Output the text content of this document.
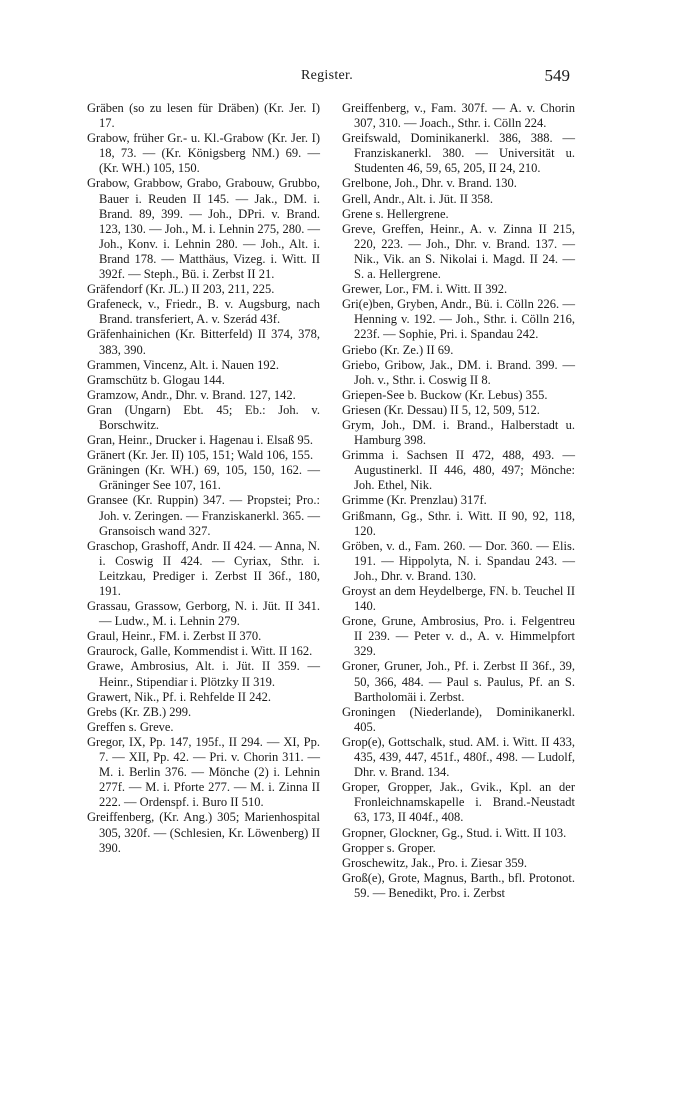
Register.	549

Gräben (so zu lesen für Dräben) (Kr. Jer. I) 17.

Grabow, früher Gr.- u. Kl.-Grabow (Kr. Jer. I) 18, 73. — (Kr. Königsberg NM.) 69. — (Kr. WH.) 105, 150.

Grabow, Grabbow, Grabo, Grabouw, Grubbo, Bauer i. Reuden II 145. — Jak., DM. i. Brand. 89, 399. — Joh., DPri. v. Brand. 123, 130. — Joh., M. i. Lehnin 275, 280. — Joh., Konv. i. Lehnin 280. — Joh., Alt. i. Brand 178. — Matthäus, Vizeg. i. Witt. II 392f. — Steph., Bü. i. Zerbst II 21.

Gräfendorf (Kr. JL.) II 203, 211, 225.

Grafeneck, v., Friedr., B. v. Augsburg, nach Brand. transferiert, A. v. Szerád 43f.

Gräfenhainichen (Kr. Bitterfeld) II 374, 378, 383, 390.

Grammen, Vincenz, Alt. i. Nauen 192.

Gramschütz b. Glogau 144.

Gramzow, Andr., Dhr. v. Brand. 127, 142.

Gran (Ungarn) Ebt. 45; Eb.: Joh. v. Borschwitz.

Gran, Heinr., Drucker i. Hagenau i. Elsaß 95.

Gränert (Kr. Jer. II) 105, 151; Wald 106, 155.

Gräningen (Kr. WH.) 69, 105, 150, 162. — Gräninger See 107, 161.

Gransee (Kr. Ruppin) 347. — Propstei; Pro.: Joh. v. Zeringen. — Franziskanerkl. 365. — Gransoisch wand 327.

Graschop, Grashoff, Andr. II 424. — Anna, N. i. Coswig II 424. — Cyriax, Sthr. i. Leitzkau, Prediger i. Zerbst II 36f., 180, 191.

Grassau, Grassow, Gerborg, N. i. Jüt. II 341. — Ludw., M. i. Lehnin 279.

Graul, Heinr., FM. i. Zerbst II 370.

Graurock, Galle, Kommendist i. Witt. II 162.

Grawe, Ambrosius, Alt. i. Jüt. II 359. — Heinr., Stipendiar i. Plötzky II 319.

Grawert, Nik., Pf. i. Rehfelde II 242.

Grebs (Kr. ZB.) 299.

Greffen s. Greve.

Gregor, IX, Pp. 147, 195f., II 294. — XI, Pp. 7. — XII, Pp. 42. — Pri. v. Chorin 311. — M. i. Berlin 376. — Mönche (2) i. Lehnin 277f. — M. i. Pforte 277. — M. i. Zinna II 222. — Ordenspf. i. Buro II 510.

Greiffenberg, (Kr. Ang.) 305; Marienhospital 305, 320f. — (Schlesien, Kr. Löwenberg) II 390.

Greiffenberg, v., Fam. 307f. — A. v. Chorin 307, 310. — Joach., Sthr. i. Cölln 224.

Greifswald, Dominikanerkl. 386, 388. — Franziskanerkl. 380. — Universität u. Studenten 46, 59, 65, 205, II 24, 210.

Grelbone, Joh., Dhr. v. Brand. 130.

Grell, Andr., Alt. i. Jüt. II 358.

Grene s. Hellergrene.

Greve, Greffen, Heinr., A. v. Zinna II 215, 220, 223. — Joh., Dhr. v. Brand. 137. — Nik., Vik. an S. Nikolai i. Magd. II 24. — S. a. Hellergrene.

Grewer, Lor., FM. i. Witt. II 392.

Gri(e)ben, Gryben, Andr., Bü. i. Cölln 226. — Henning v. 192. — Joh., Sthr. i. Cölln 216, 223f. — Sophie, Pri. i. Spandau 242.

Griebo (Kr. Ze.) II 69.

Griebo, Gribow, Jak., DM. i. Brand. 399. — Joh. v., Sthr. i. Coswig II 8.

Griepen-See b. Buckow (Kr. Lebus) 355.

Griesen (Kr. Dessau) II 5, 12, 509, 512.

Grym, Joh., DM. i. Brand., Halberstadt u. Hamburg 398.

Grimma i. Sachsen II 472, 488, 493. — Augustinerkl. II 446, 480, 497; Mönche: Joh. Ethel, Nik.

Grimme (Kr. Prenzlau) 317f.

Grißmann, Gg., Sthr. i. Witt. II 90, 92, 118, 120.

Gröben, v. d., Fam. 260. — Dor. 360. — Elis. 191. — Hippolyta, N. i. Spandau 243. — Joh., Dhr. v. Brand. 130.

Groyst an dem Heydelberge, FN. b. Teuchel II 140.

Grone, Grune, Ambrosius, Pro. i. Felgentreu II 239. — Peter v. d., A. v. Himmelpfort 329.

Groner, Gruner, Joh., Pf. i. Zerbst II 36f., 39, 50, 366, 484. — Paul s. Paulus, Pf. an S. Bartholomäi i. Zerbst.

Groningen (Niederlande), Dominikanerkl. 405.

Grop(e), Gottschalk, stud. AM. i. Witt. II 433, 435, 439, 447, 451f., 480f., 498. — Ludolf, Dhr. v. Brand. 134.

Groper, Gropper, Jak., Gvik., Kpl. an der Fronleichnamskapelle i. Brand.-Neustadt 63, 173, II 404f., 408.

Gropner, Glockner, Gg., Stud. i. Witt. II 103.

Gropper s. Groper.

Groschewitz, Jak., Pro. i. Ziesar 359.

Groß(e), Grote, Magnus, Barth., bfl. Protonot. 59. — Benedikt, Pro. i. Zerbst
